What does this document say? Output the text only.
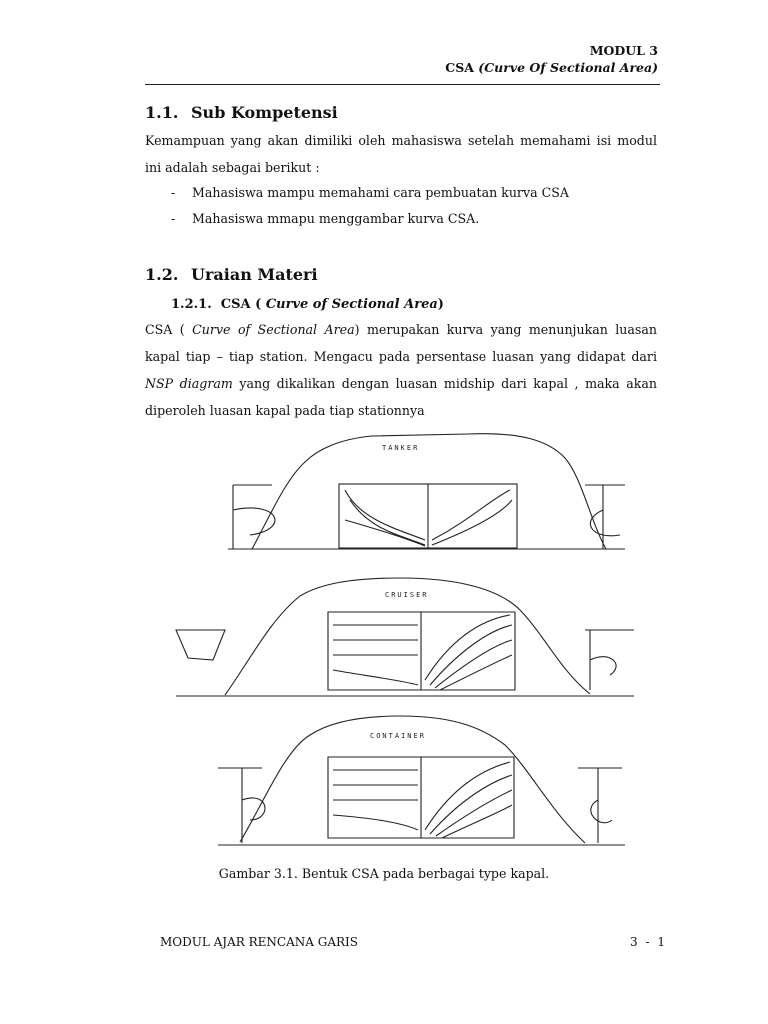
MODUL 3
CSA (Curve Of Sectional Area)
1.1. Sub Kompetensi
Kemampuan yang akan dimiliki oleh mahasiswa setelah memahami isi modul ini adalah sebagai berikut :
- Mahasiswa mampu memahami cara pembuatan kurva CSA
- Mahasiswa mmapu menggambar kurva CSA.
1.2. Uraian Materi
1.2.1. CSA ( Curve of Sectional Area)
CSA ( Curve of Sectional Area) merupakan kurva yang menunjukan luasan kapal tiap – tiap station. Mengacu pada persentase luasan yang didapat dari NSP diagram yang dikalikan dengan luasan midship dari kapal , maka akan diperoleh luasan kapal pada tiap stationnya
TANKER
CRUISER
CONTAINER
Gambar 3.1. Bentuk CSA pada berbagai type kapal.
MODUL AJAR RENCANA GARIS	3 - 1
